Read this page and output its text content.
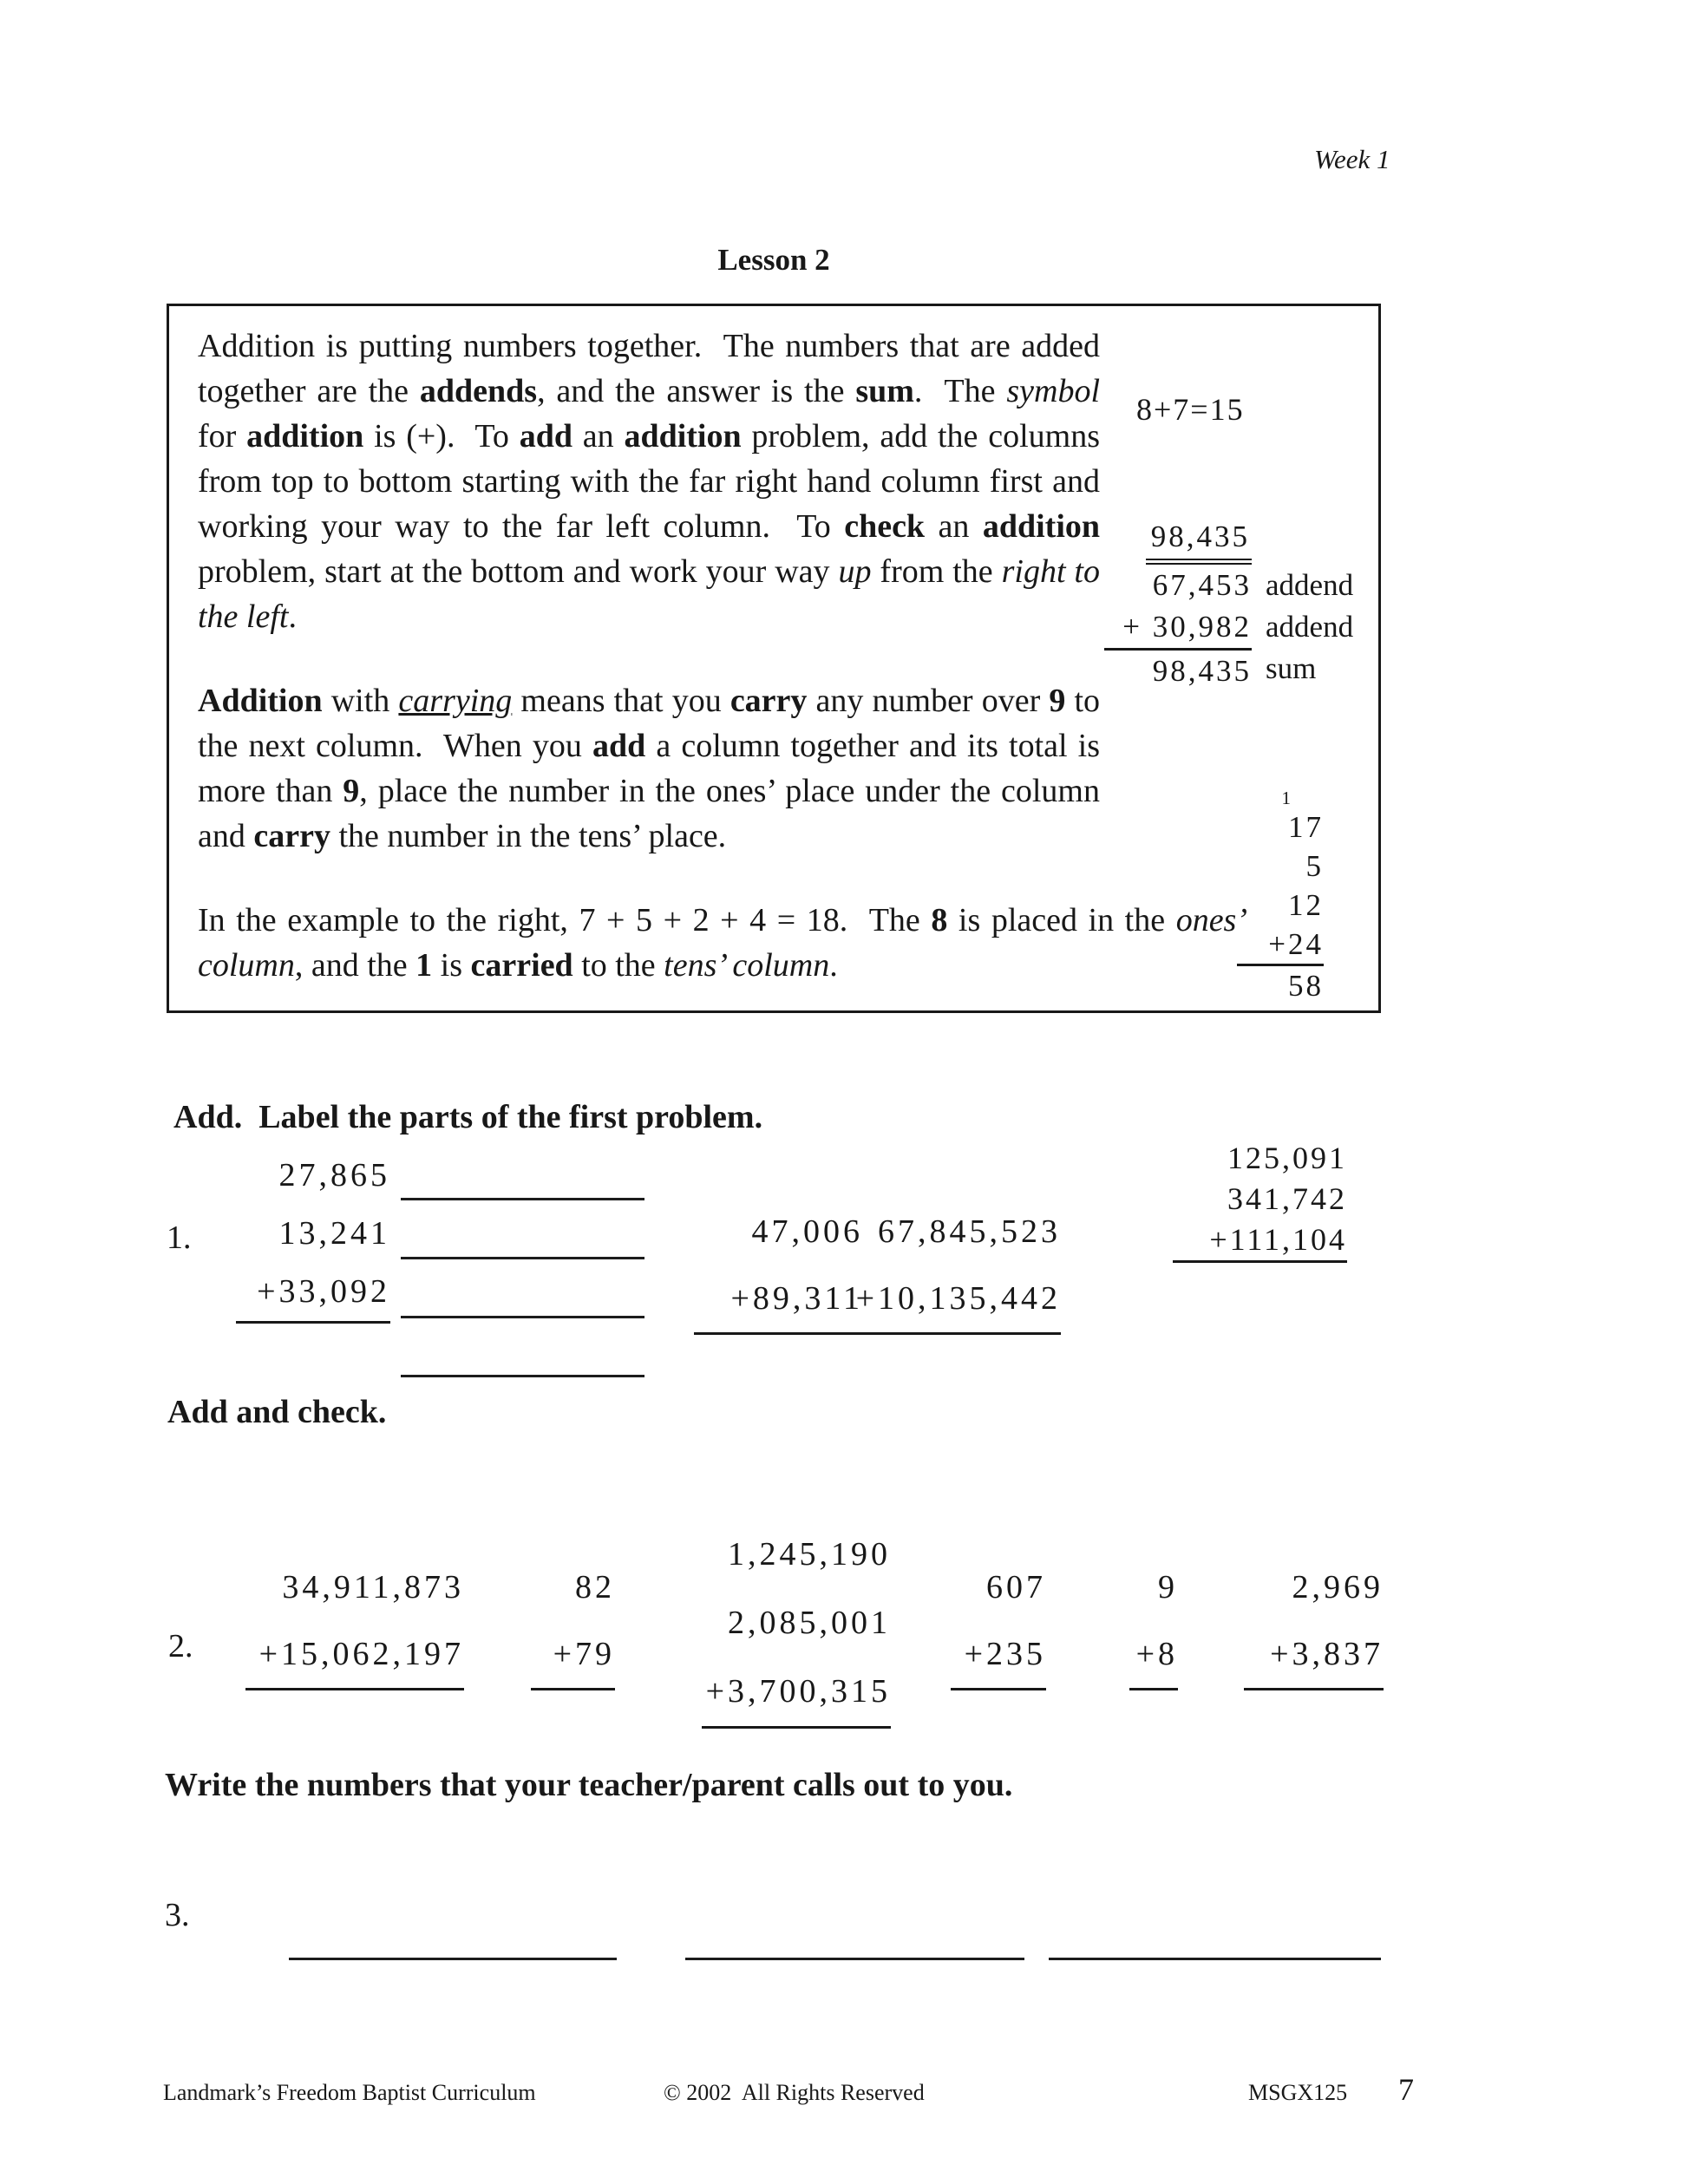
Week 1
Lesson 2

Addition is putting numbers together.  The numbers that are added together are the addends, and the answer is the sum.  The symbol for addition is (+).  To add an addition problem, add the columns from top to bottom starting with the far right hand column first and working your way to the far left column.  To check an addition problem, start at the bottom and work your way up from the right to the left.

Addition with carrying means that you carry any number over 9 to the next column.  When you add a column together and its total is more than 9, place the number in the ones’ place under the column and carry the number in the tens’ place.

In the example to the right, 7 + 5 + 2 + 4 = 18.  The 8 is placed in the ones’ column, and the 1 is carried to the tens’ column.
8+7=15
98,435
67,453 addend
+ 30,982 addend
98,435 sum
1
17
5
12
+24
58
Add.  Label the parts of the first problem.
1.
27,865
13,241
+33,092
47,006
+89,311
67,845,523
+10,135,442
125,091
341,742
+111,104
Add and check.
2.
34,911,873
+15,062,197
82
+79
1,245,190
2,085,001
+3,700,315
607
+235
9
+8
2,969
+3,837
Write the numbers that your teacher/parent calls out to you.
3.
Landmark’s Freedom Baptist Curriculum	© 2002  All Rights Reserved	MSGX125 7
